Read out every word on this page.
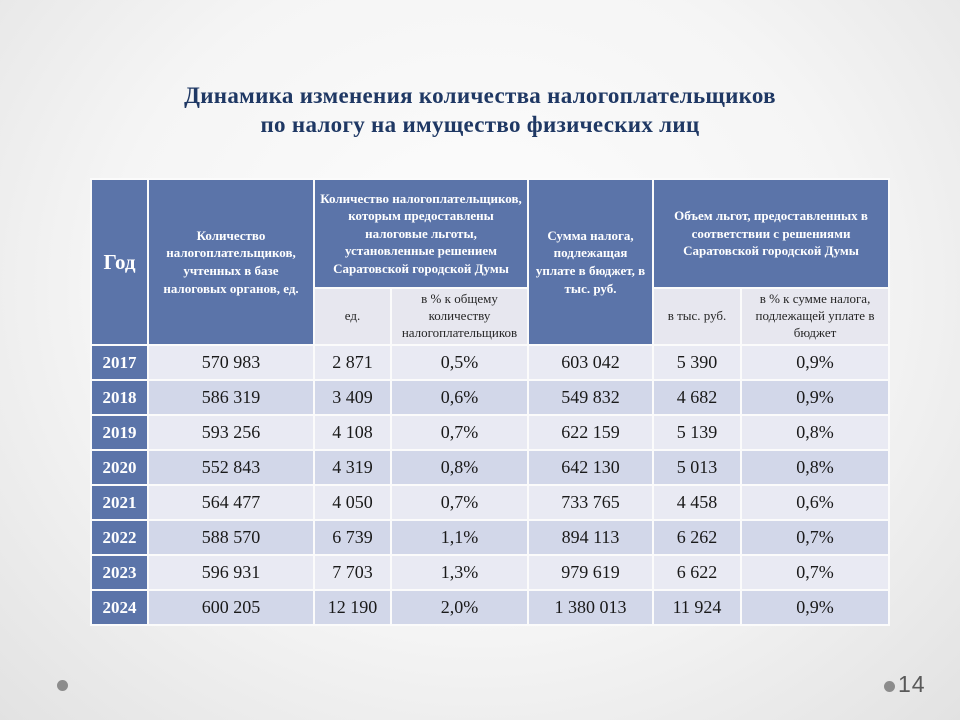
Динамика изменения количества налогоплательщиков
по налогу на имущество физических лиц
Год	Количество налогоплательщиков, учтенных в базе налоговых органов, ед.	Количество налогоплательщиков, которым предоставлены налоговые льготы, установленные решением Саратовской городской Думы		Сумма налога, подлежащая уплате в бюджет, в тыс. руб.	Объем льгот, предоставленных в соответствии с решениями Саратовской городской Думы	
		ед.	в % к общему количеству налогоплательщиков		в тыс. руб.	в % к сумме налога, подлежащей уплате в бюджет
2017	570 983	2 871	0,5%	603 042	5 390	0,9%
2018	586 319	3 409	0,6%	549 832	4 682	0,9%
2019	593 256	4 108	0,7%	622 159	5 139	0,8%
2020	552 843	4 319	0,8%	642 130	5 013	0,8%
2021	564 477	4 050	0,7%	733 765	4 458	0,6%
2022	588 570	6 739	1,1%	894 113	6 262	0,7%
2023	596 931	7 703	1,3%	979 619	6 622	0,7%
2024	600 205	12 190	2,0%	1 380 013	11 924	0,9%
14
